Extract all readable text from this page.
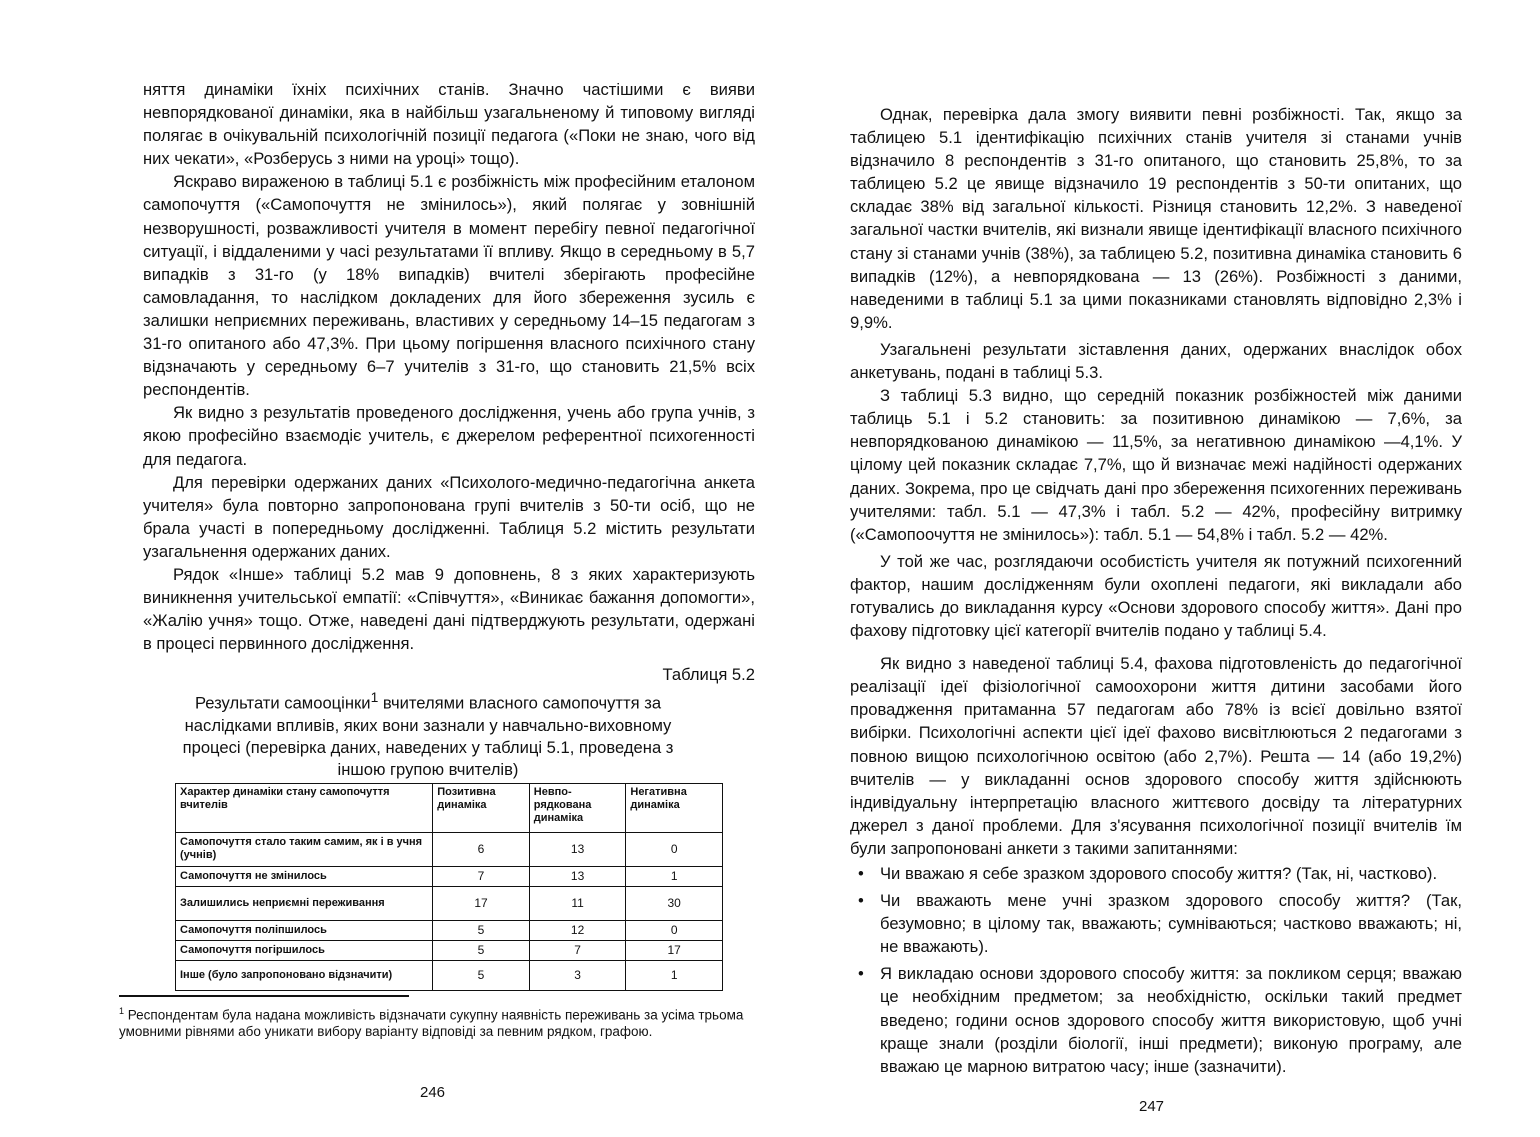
няття динаміки їхніх психічних станів. Значно частішими є вияви невпорядкованої динаміки, яка в найбільш узагальненому й типовому вигляді полягає в очікувальній психологічній позиції педагога («Поки не знаю, чого від них чекати», «Розберусь з ними на уроці» тощо).

Яскраво вираженою в таблиці 5.1 є розбіжність між професійним еталоном самопочуття («Самопочуття не змінилось»), який полягає у зовнішній незворушності, розважливості учителя в момент перебігу певної педагогічної ситуації, і віддаленими у часі результатами її впливу. Якщо в середньому в 5,7 випадків з 31-го (у 18% випадків) вчителі зберігають професійне самовладання, то наслідком докладених для його збереження зусиль є залишки неприємних переживань, властивих у середньому 14–15 педагогам з 31-го опитаного або 47,3%. При цьому погіршення власного психічного стану відзначають у середньому 6–7 учителів з 31-го, що становить 21,5% всіх респондентів.

Як видно з результатів проведеного дослідження, учень або група учнів, з якою професійно взаємодіє учитель, є джерелом референтної психогенності для педагога.

Для перевірки одержаних даних «Психолого-медично-педагогічна анкета учителя» була повторно запропонована групі вчителів з 50-ти осіб, що не брала участі в попередньому дослідженні. Таблиця 5.2 містить результати узагальнення одержаних даних.

Рядок «Інше» таблиці 5.2 мав 9 доповнень, 8 з яких характеризують виникнення учительської емпатії: «Співчуття», «Виникає бажання допомогти», «Жалію учня» тощо. Отже, наведені дані підтверджують результати, одержані в процесі первинного дослідження.

Таблиця 5.2
Результати самооцінки$^1$ вчителями власного самопочуття за наслідками впливів, яких вони зазнали у навчально-виховному процесі (перевірка даних, наведених у таблиці 5.1, проведена з іншою групою вчителів)
Характер динаміки стану самопочуття вчителів	Позитивна динаміка	Невпо-рядкована динаміка	Негативна динаміка
Самопочуття стало таким самим, як і в учня (учнів)	6	13	0
Самопочуття не змінилось	7	13	1
Залишились неприємні переживання	17	11	30
Самопочуття поліпшилось	5	12	0
Самопочуття погіршилось	5	7	17
Інше (було запропоновано відзначити)	5	3	1
$^1$ Респондентам була надана можливість відзначати сукупну наявність переживань за усіма трьома умовними рівнями або уникати вибору варіанту відповіді за певним рядком, графою.
246

Однак, перевірка дала змогу виявити певні розбіжності. Так, якщо за таблицею 5.1 ідентифікацію психічних станів учителя зі станами учнів відзначило 8 респондентів з 31-го опитаного, що становить 25,8%, то за таблицею 5.2 це явище відзначило 19 респондентів з 50-ти опитаних, що складає 38% від загальної кількості. Різниця становить 12,2%. З наведеної загальної частки вчителів, які визнали явище ідентифікації власного психічного стану зі станами учнів (38%), за таблицею 5.2, позитивна динаміка становить 6 випадків (12%), а невпорядкована — 13 (26%). Розбіжності з даними, наведеними в таблиці 5.1 за цими показниками становлять відповідно 2,3% і 9,9%.

Узагальнені результати зіставлення даних, одержаних внаслідок обох анкетувань, подані в таблиці 5.3.

З таблиці 5.3 видно, що середній показник розбіжностей між даними таблиць 5.1 і 5.2 становить: за позитивною динамікою — 7,6%, за невпорядкованою динамікою — 11,5%, за негативною динамікою —4,1%. У цілому цей показник складає 7,7%, що й визначає межі надійності одержаних даних. Зокрема, про це свідчать дані про збереження психогенних переживань учителями: табл. 5.1 — 47,3% і табл. 5.2 — 42%, професійну витримку («Самопоочуття не змінилось»): табл. 5.1 — 54,8% і табл. 5.2 — 42%.

У той же час, розглядаючи особистість учителя як потужний психогенний фактор, нашим дослідженням були охоплені педагоги, які викладали або готувались до викладання курсу «Основи здорового способу життя». Дані про фахову підготовку цієї категорії вчителів подано у таблиці 5.4.

Як видно з наведеної таблиці 5.4, фахова підготовленість до педагогічної реалізації ідеї фізіологічної самоохорони життя дитини засобами його провадження притаманна 57 педагогам або 78% із всієї довільно взятої вибірки. Психологічні аспекти цієї ідеї фахово висвітлюються 2 педагогами з повною вищою психологічною освітою (або 2,7%). Решта — 14 (або 19,2%) вчителів — у викладанні основ здорового способу життя здійснюють індивідуальну інтерпретацію власного життєвого досвіду та літературних джерел з даної проблеми. Для з'ясування психологічної позиції вчителів їм були запропоновані анкети з такими запитаннями:

• Чи вважаю я себе зразком здорового способу життя? (Так, ні, частково).
• Чи вважають мене учні зразком здорового способу життя? (Так, безумовно; в цілому так, вважають; сумніваються; частково вважають; ні, не вважають).
• Я викладаю основи здорового способу життя: за покликом серця; вважаю це необхідним предметом; за необхідністю, оскільки такий предмет введено; години основ здорового способу життя використовую, щоб учні краще знали (розділи біології, інші предмети); виконую програму, але вважаю це марною витратою часу; інше (зазначити).
247
